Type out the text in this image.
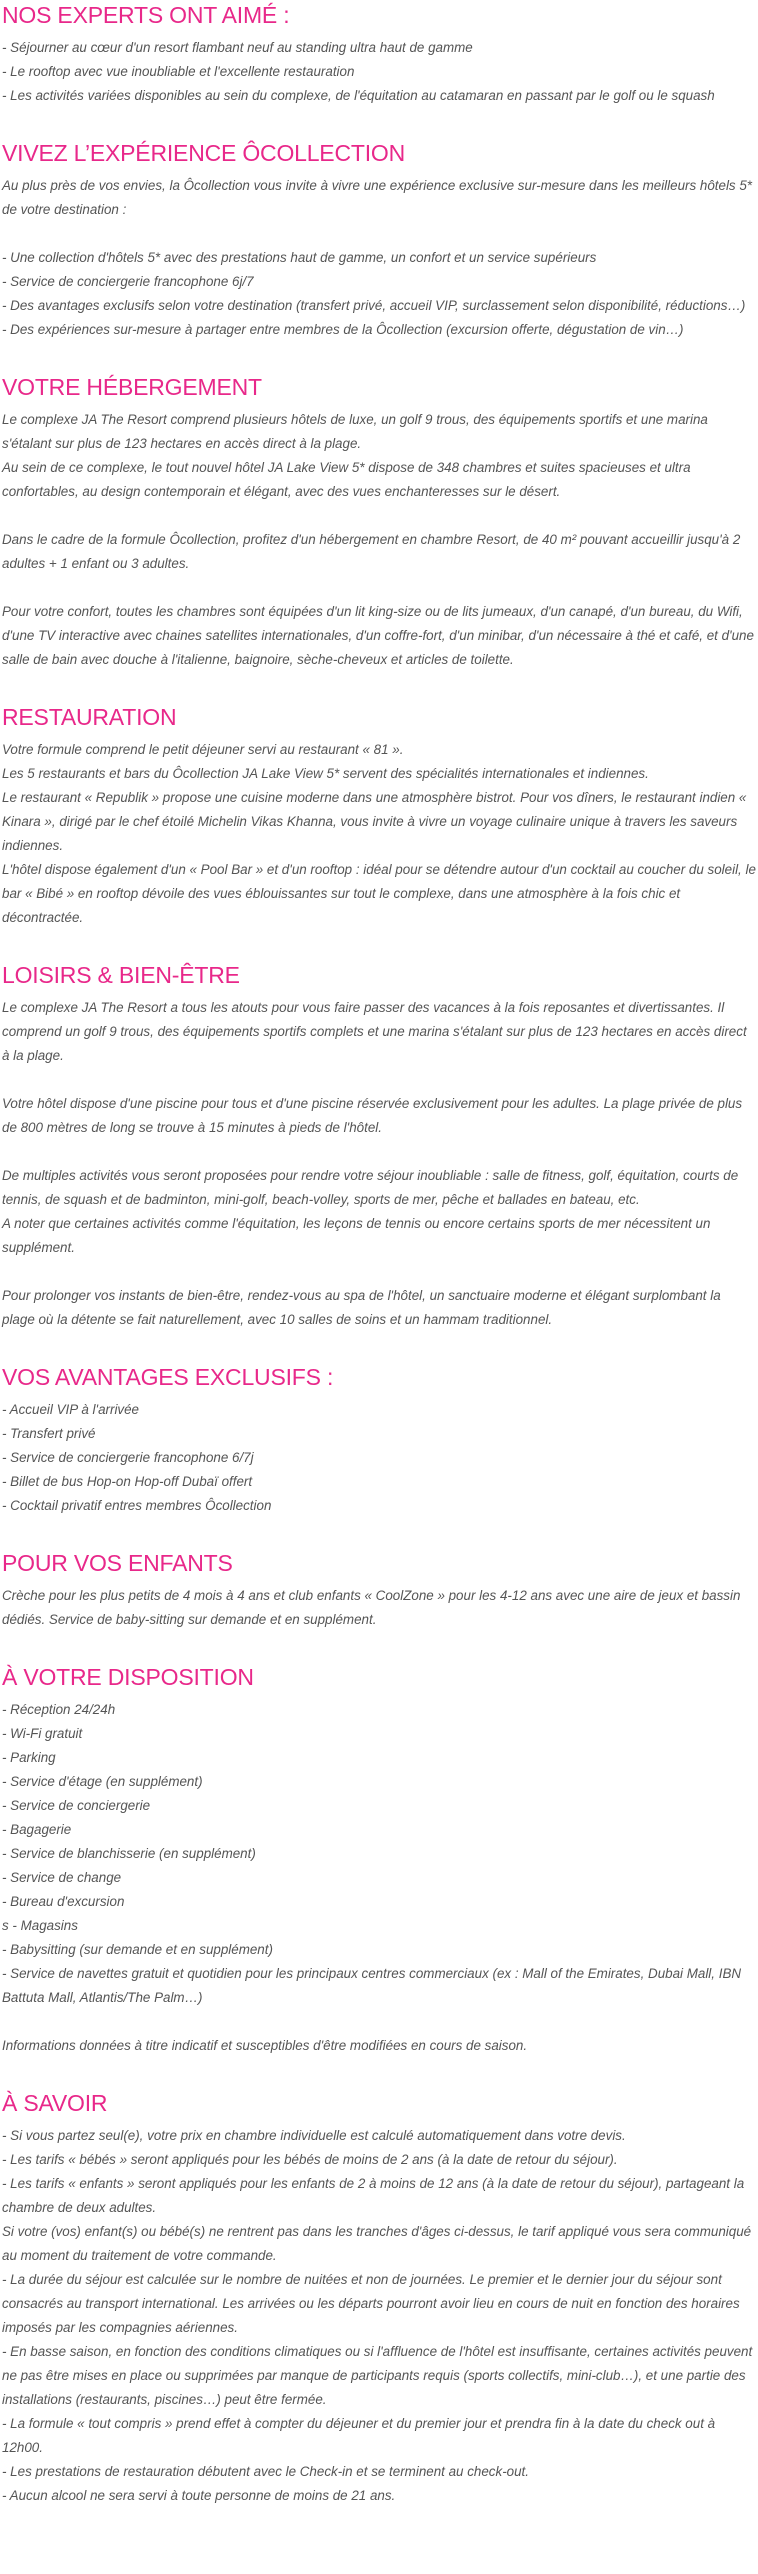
NOS EXPERTS ONT AIMÉ :

- Séjourner au cœur d'un resort flambant neuf au standing ultra haut de gamme

- Le rooftop avec vue inoubliable et l'excellente restauration

- Les activités variées disponibles au sein du complexe, de l'équitation au catamaran en passant par le golf ou le squash

VIVEZ L’EXPÉRIENCE ÔCOLLECTION

Au plus près de vos envies, la Ôcollection vous invite à vivre une expérience exclusive sur-mesure dans les meilleurs hôtels 5* de votre destination :

- Une collection d'hôtels 5* avec des prestations haut de gamme, un confort et un service supérieurs

- Service de conciergerie francophone 6j/7

- Des avantages exclusifs selon votre destination (transfert privé, accueil VIP, surclassement selon disponibilité, réductions…)

- Des expériences sur-mesure à partager entre membres de la Ôcollection (excursion offerte, dégustation de vin…)

VOTRE HÉBERGEMENT

Le complexe JA The Resort comprend plusieurs hôtels de luxe, un golf 9 trous, des équipements sportifs et une marina s'étalant sur plus de 123 hectares en accès direct à la plage.

Au sein de ce complexe, le tout nouvel hôtel JA Lake View 5* dispose de 348 chambres et suites spacieuses et ultra confortables, au design contemporain et élégant, avec des vues enchanteresses sur le désert.

Dans le cadre de la formule Ôcollection, profitez d'un hébergement en chambre Resort, de 40 m² pouvant accueillir jusqu'à 2 adultes + 1 enfant ou 3 adultes.

Pour votre confort, toutes les chambres sont équipées d'un lit king-size ou de lits jumeaux, d'un canapé, d'un bureau, du Wifi, d'une TV interactive avec chaines satellites internationales, d'un coffre-fort, d'un minibar, d'un nécessaire à thé et café, et d'une salle de bain avec douche à l'italienne, baignoire, sèche-cheveux et articles de toilette.

RESTAURATION

Votre formule comprend le petit déjeuner servi au restaurant « 81 ».

Les 5 restaurants et bars du Ôcollection JA Lake View 5* servent des spécialités internationales et indiennes.

Le restaurant « Republik » propose une cuisine moderne dans une atmosphère bistrot. Pour vos dîners, le restaurant indien « Kinara », dirigé par le chef étoilé Michelin Vikas Khanna, vous invite à vivre un voyage culinaire unique à travers les saveurs indiennes.

L'hôtel dispose également d'un « Pool Bar » et d'un rooftop : idéal pour se détendre autour d'un cocktail au coucher du soleil, le bar « Bibé » en rooftop dévoile des vues éblouissantes sur tout le complexe, dans une atmosphère à la fois chic et décontractée.

LOISIRS & BIEN-ÊTRE

Le complexe JA The Resort a tous les atouts pour vous faire passer des vacances à la fois reposantes et divertissantes. Il comprend un golf 9 trous, des équipements sportifs complets et une marina s'étalant sur plus de 123 hectares en accès direct à la plage.

Votre hôtel dispose d'une piscine pour tous et d'une piscine réservée exclusivement pour les adultes. La plage privée de plus de 800 mètres de long se trouve à 15 minutes à pieds de l'hôtel.

De multiples activités vous seront proposées pour rendre votre séjour inoubliable : salle de fitness, golf, équitation, courts de tennis, de squash et de badminton, mini-golf, beach-volley, sports de mer, pêche et ballades en bateau, etc.

A noter que certaines activités comme l'équitation, les leçons de tennis ou encore certains sports de mer nécessitent un supplément.

Pour prolonger vos instants de bien-être, rendez-vous au spa de l'hôtel, un sanctuaire moderne et élégant surplombant la plage où la détente se fait naturellement, avec 10 salles de soins et un hammam traditionnel.

VOS AVANTAGES EXCLUSIFS :

- Accueil VIP à l'arrivée

- Transfert privé

- Service de conciergerie francophone 6/7j

- Billet de bus Hop-on Hop-off Dubaï offert

- Cocktail privatif entres membres Ôcollection

POUR VOS ENFANTS

Crèche pour les plus petits de 4 mois à 4 ans et club enfants « CoolZone » pour les 4-12 ans avec une aire de jeux et bassin dédiés. Service de baby-sitting sur demande et en supplément.

À VOTRE DISPOSITION

- Réception 24/24h

- Wi-Fi gratuit

- Parking

- Service d'étage (en supplément)

- Service de conciergerie

- Bagagerie

- Service de blanchisserie (en supplément)

- Service de change

- Bureau d'excursion

s - Magasins

- Babysitting (sur demande et en supplément)

- Service de navettes gratuit et quotidien pour les principaux centres commerciaux (ex : Mall of the Emirates, Dubai Mall, IBN Battuta Mall, Atlantis/The Palm…)

Informations données à titre indicatif et susceptibles d'être modifiées en cours de saison.

À SAVOIR

- Si vous partez seul(e), votre prix en chambre individuelle est calculé automatiquement dans votre devis.

- Les tarifs « bébés » seront appliqués pour les bébés de moins de 2 ans (à la date de retour du séjour).

- Les tarifs « enfants » seront appliqués pour les enfants de 2 à moins de 12 ans (à la date de retour du séjour), partageant la chambre de deux adultes.

Si votre (vos) enfant(s) ou bébé(s) ne rentrent pas dans les tranches d'âges ci-dessus, le tarif appliqué vous sera communiqué au moment du traitement de votre commande.

- La durée du séjour est calculée sur le nombre de nuitées et non de journées. Le premier et le dernier jour du séjour sont consacrés au transport international. Les arrivées ou les départs pourront avoir lieu en cours de nuit en fonction des horaires imposés par les compagnies aériennes.

- En basse saison, en fonction des conditions climatiques ou si l'affluence de l'hôtel est insuffisante, certaines activités peuvent ne pas être mises en place ou supprimées par manque de participants requis (sports collectifs, mini-club…), et une partie des installations (restaurants, piscines…) peut être fermée.

- La formule « tout compris » prend effet à compter du déjeuner et du premier jour et prendra fin à la date du check out à 12h00.

- Les prestations de restauration débutent avec le Check-in et se terminent au check-out.

- Aucun alcool ne sera servi à toute personne de moins de 21 ans.
